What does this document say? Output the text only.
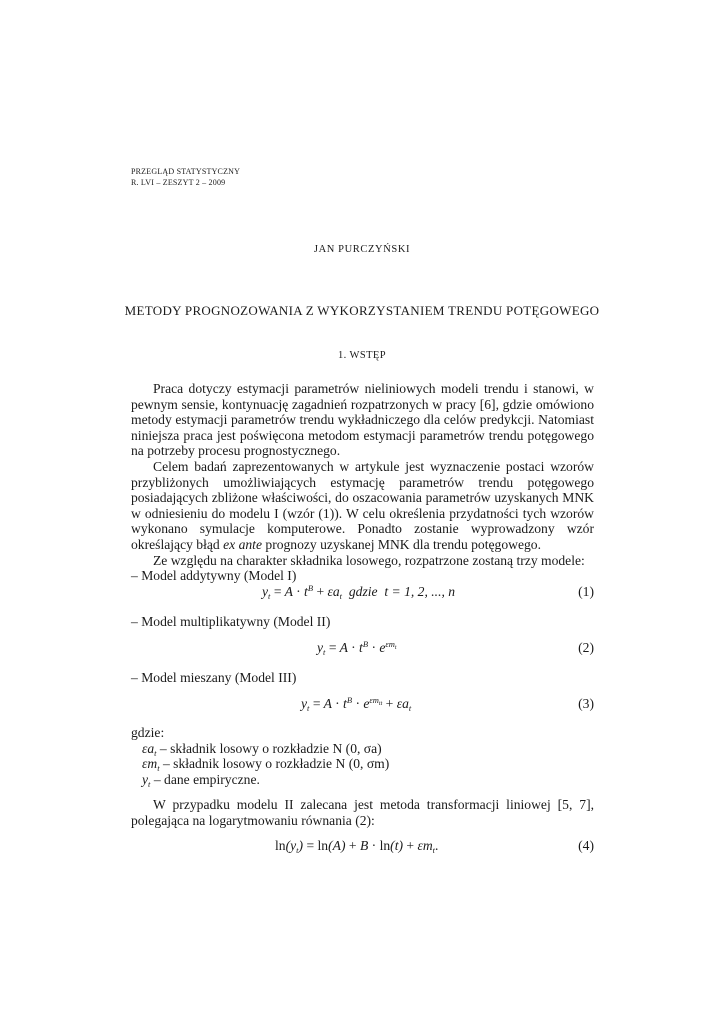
PRZEGLĄD STATYSTYCZNY
R. LVI – ZESZYT 2 – 2009
JAN PURCZYŃSKI
METODY PROGNOZOWANIA Z WYKORZYSTANIEM TRENDU POTĘGOWEGO
1. WSTĘP

Praca dotyczy estymacji parametrów nieliniowych modeli trendu i stanowi, w pewnym sensie, kontynuację zagadnień rozpatrzonych w pracy [6], gdzie omówiono metody estymacji parametrów trendu wykładniczego dla celów predykcji. Natomiast niniejsza praca jest poświęcona metodom estymacji parametrów trendu potęgowego na potrzeby procesu prognostycznego.

Celem badań zaprezentowanych w artykule jest wyznaczenie postaci wzorów przybliżonych umożliwiających estymację parametrów trendu potęgowego posiadających zbliżone właściwości, do oszacowania parametrów uzyskanych MNK w odniesieniu do modelu I (wzór (1)). W celu określenia przydatności tych wzorów wykonano symulacje komputerowe. Ponadto zostanie wyprowadzony wzór określający błąd ex ante prognozy uzyskanej MNK dla trendu potęgowego.

Ze względu na charakter składnika losowego, rozpatrzone zostaną trzy modele:

– Model addytywny (Model I)

$y_t = A \cdot t^B + \varepsilon a_t$ gdzie t = 1, 2, ..., n	(1)

– Model multiplikatywny (Model II)

$y_t = A \cdot t^B \cdot e^{\varepsilon m_t}$	(2)

– Model mieszany (Model III)

$y_t = A \cdot t^B \cdot e^{\varepsilon m_{tt}} + \varepsilon a_t$	(3)

gdzie:

$\varepsilon a_t$ – składnik losowy o rozkładzie N (0, σa)

$\varepsilon m_t$ – składnik losowy o rozkładzie N (0, σm)

$y_t$ – dane empiryczne.

W przypadku modelu II zalecana jest metoda transformacji liniowej [5, 7], polegająca na logarytmowaniu równania (2):

$\ln(y_t) = \ln(A) + B \cdot \ln(t) + \varepsilon m_t$.	(4)
